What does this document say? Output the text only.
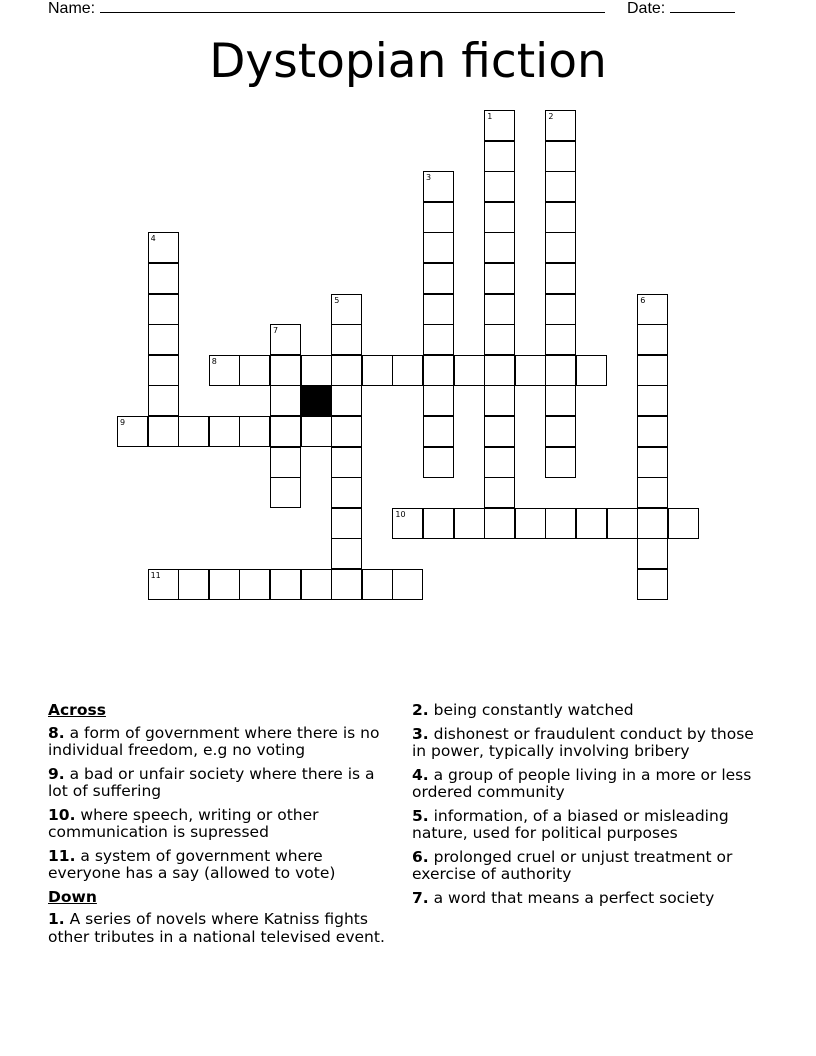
Name:	Date:
Dystopian fiction
1	2
3
4
5	6
7
8
9
10
11
Across
8. a form of government where there is no individual freedom, e.g no voting
9. a bad or unfair society where there is a lot of suffering
10. where speech, writing or other communication is supressed
11. a system of government where everyone has a say (allowed to vote)
Down
1. A series of novels where Katniss fights other tributes in a national televised event.
2. being constantly watched
3. dishonest or fraudulent conduct by those in power, typically involving bribery
4. a group of people living in a more or less ordered community
5. information, of a biased or misleading nature, used for political purposes
6. prolonged cruel or unjust treatment or exercise of authority
7. a word that means a perfect society
